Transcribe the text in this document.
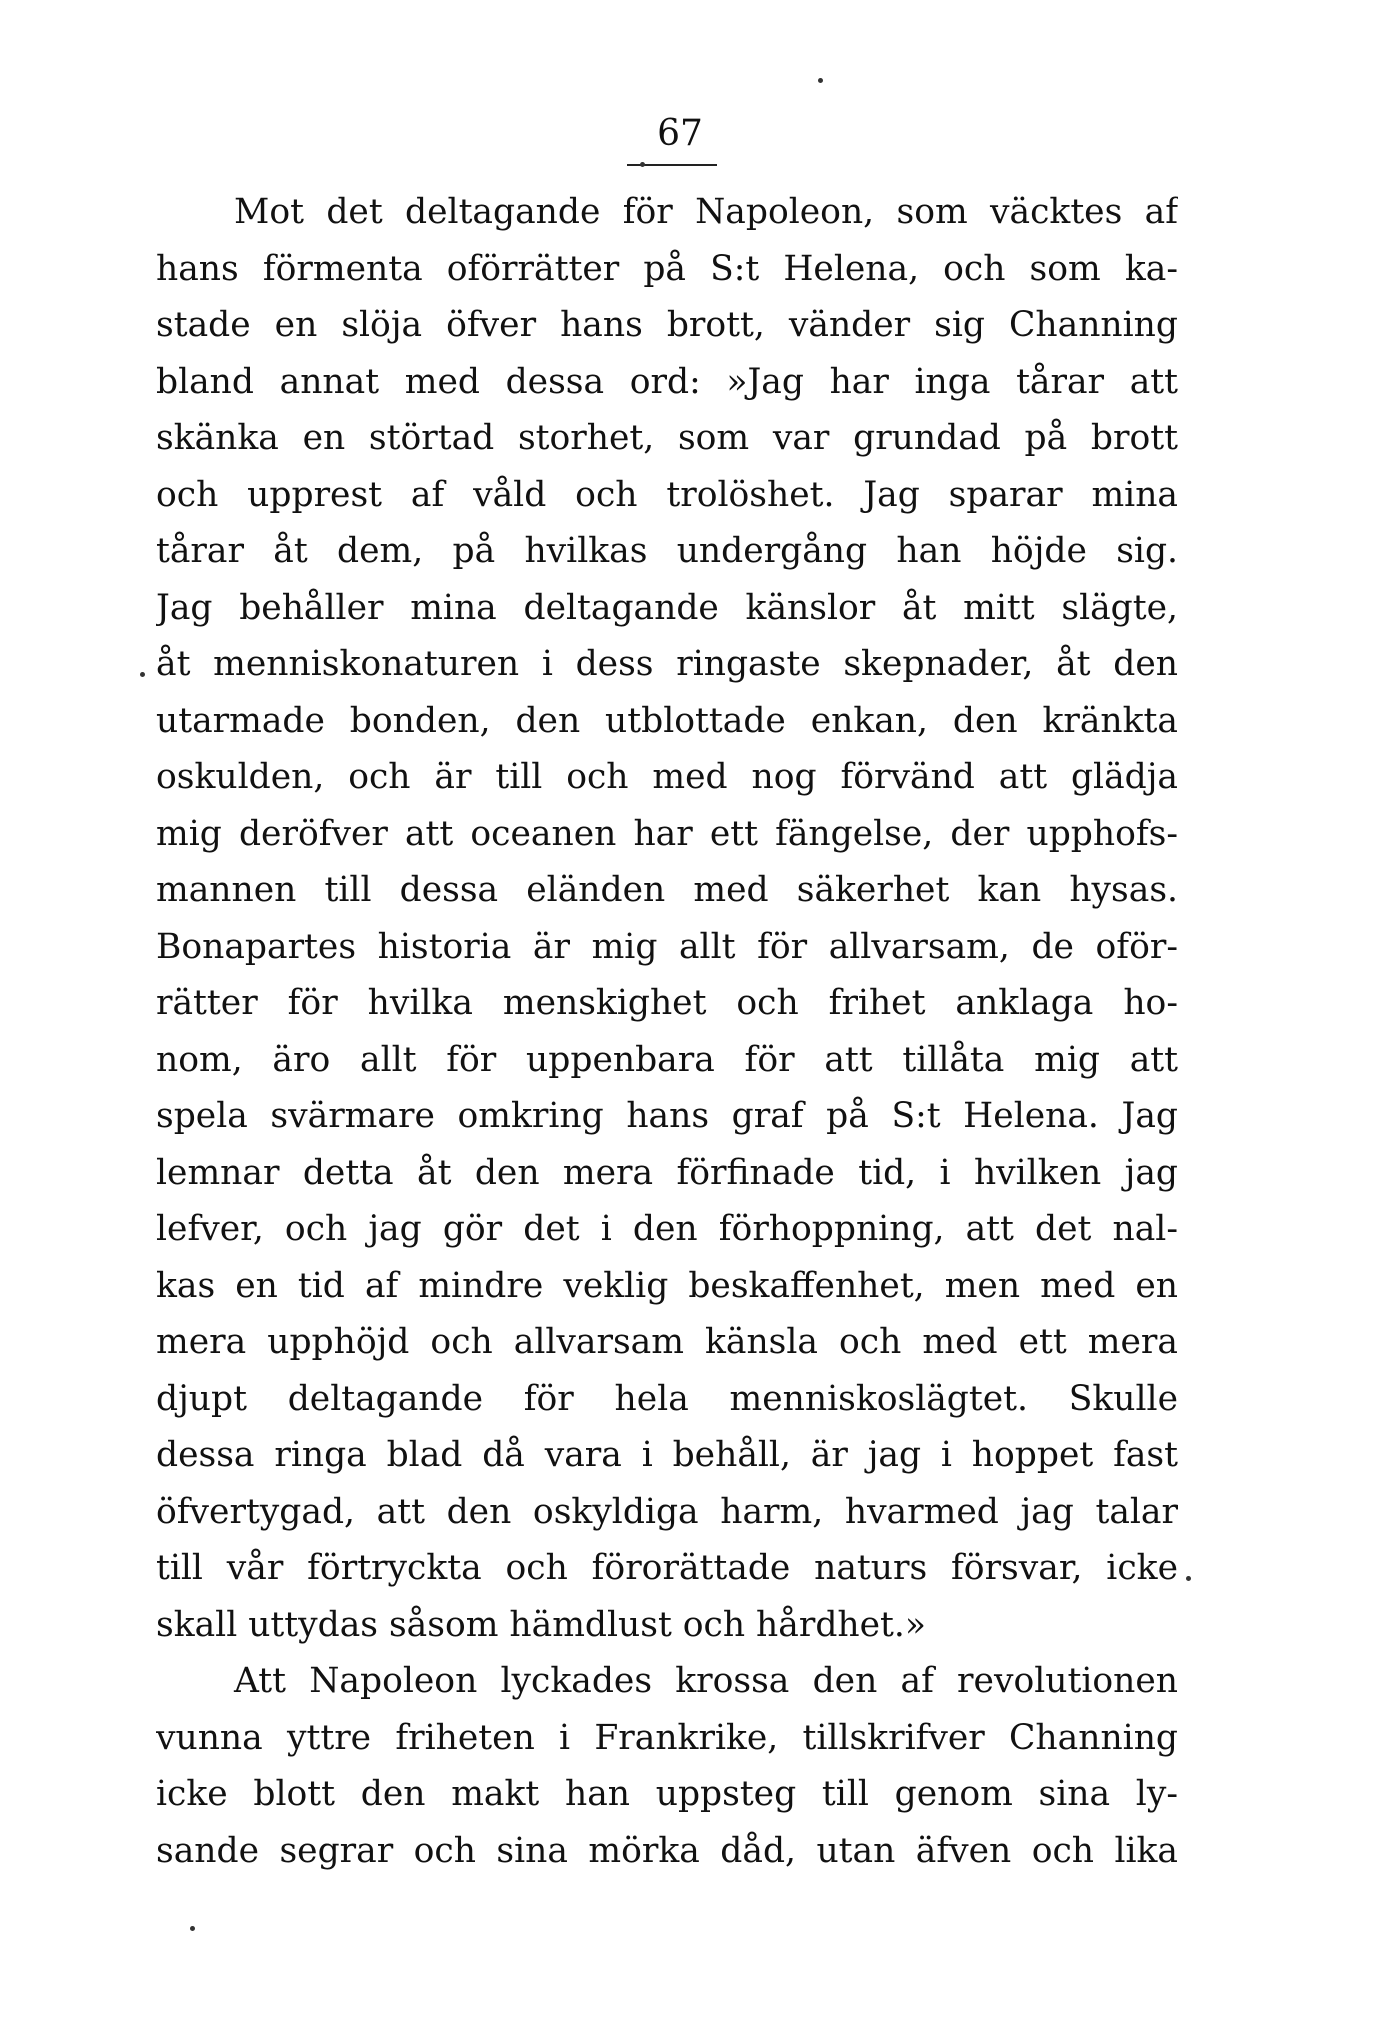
67
Mot det deltagande för Napoleon, som väcktes af
hans förmenta oförrätter på S:t Helena, och som ka-
stade en slöja öfver hans brott, vänder sig Channing
bland annat med dessa ord: »Jag har inga tårar att
skänka en störtad storhet, som var grundad på brott
och upprest af våld och trolöshet. Jag sparar mina
tårar åt dem, på hvilkas undergång han höjde sig.
Jag behåller mina deltagande känslor åt mitt slägte,
åt menniskonaturen i dess ringaste skepnader, åt den
utarmade bonden, den utblottade enkan, den kränkta
oskulden, och är till och med nog förvänd att glädja
mig deröfver att oceanen har ett fängelse, der upphofs-
mannen till dessa eländen med säkerhet kan hysas.
Bonapartes historia är mig allt för allvarsam, de oför-
rätter för hvilka menskighet och frihet anklaga ho-
nom, äro allt för uppenbara för att tillåta mig att
spela svärmare omkring hans graf på S:t Helena. Jag
lemnar detta åt den mera förfinade tid, i hvilken jag
lefver, och jag gör det i den förhoppning, att det nal-
kas en tid af mindre veklig beskaffenhet, men med en
mera upphöjd och allvarsam känsla och med ett mera
djupt deltagande för hela menniskoslägtet. Skulle
dessa ringa blad då vara i behåll, är jag i hoppet fast
öfvertygad, att den oskyldiga harm, hvarmed jag talar
till vår förtryckta och förorättade naturs försvar, icke
skall uttydas såsom hämdlust och hårdhet.»
Att Napoleon lyckades krossa den af revolutionen
vunna yttre friheten i Frankrike, tillskrifver Channing
icke blott den makt han uppsteg till genom sina ly-
sande segrar och sina mörka dåd, utan äfven och lika
